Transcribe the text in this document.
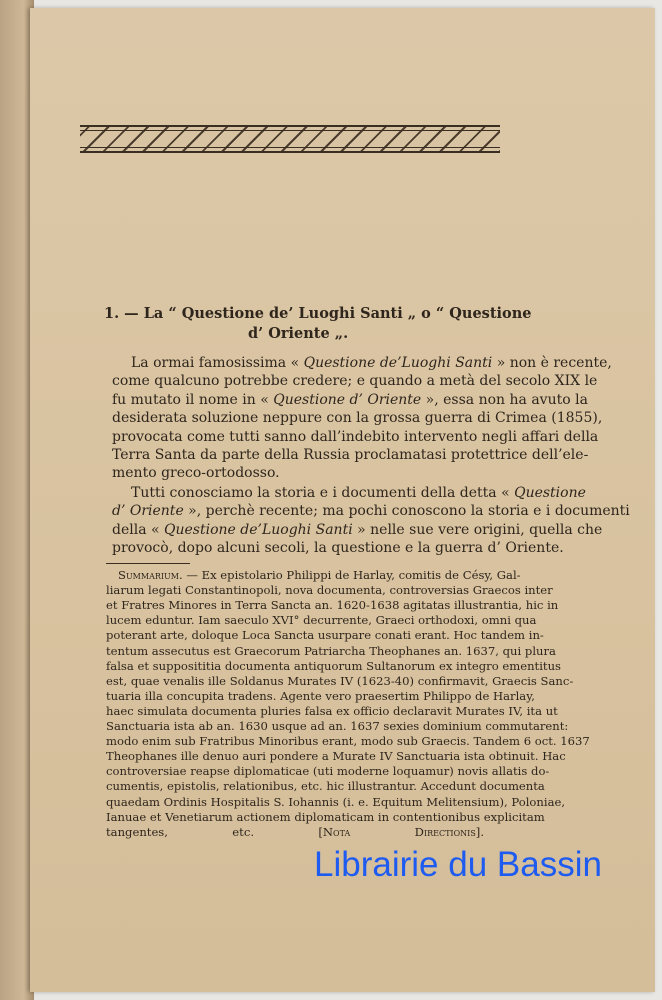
1. — La “ Questione de’ Luoghi Santi „ o “ Questione
d’ Oriente „.
La ormai famosissima « Questione de’Luoghi Santi » non è recente,
come qualcuno potrebbe credere; e quando a metà del secolo XIX le
fu mutato il nome in « Questione d’ Oriente », essa non ha avuto la
desiderata soluzione neppure con la grossa guerra di Crimea (1855),
provocata come tutti sanno dall’indebito intervento negli affari della
Terra Santa da parte della Russia proclamatasi protettrice dell’ele-
mento greco-ortodosso.
Tutti conosciamo la storia e i documenti della detta « Questione
d’ Oriente », perchè recente; ma pochi conoscono la storia e i documenti
della « Questione de’Luoghi Santi » nelle sue vere origini, quella che
provocò, dopo alcuni secoli, la questione e la guerra d’ Oriente.
Summarium. — Ex epistolario Philippi de Harlay, comitis de Césy, Gal-
liarum legati Constantinopoli, nova documenta, controversias Graecos inter
et Fratres Minores in Terra Sancta an. 1620-1638 agitatas illustrantia, hic in
lucem eduntur. Iam saeculo XVI° decurrente, Graeci orthodoxi, omni qua
poterant arte, doloque Loca Sancta usurpare conati erant. Hoc tandem in-
tentum assecutus est Graecorum Patriarcha Theophanes an. 1637, qui plura
falsa et supposititia documenta antiquorum Sultanorum ex integro ementitus
est, quae venalis ille Soldanus Murates IV (1623-40) confirmavit, Graecis Sanc-
tuaria illa concupita tradens. Agente vero praesertim Philippo de Harlay,
haec simulata documenta pluries falsa ex officio declaravit Murates IV, ita ut
Sanctuaria ista ab an. 1630 usque ad an. 1637 sexies dominium commutarent:
modo enim sub Fratribus Minoribus erant, modo sub Graecis. Tandem 6 oct. 1637
Theophanes ille denuo auri pondere a Murate IV Sanctuaria ista obtinuit. Hac
controversiae reapse diplomaticae (uti moderne loquamur) novis allatis do-
cumentis, epistolis, relationibus, etc. hic illustrantur. Accedunt documenta
quaedam Ordinis Hospitalis S. Iohannis (i. e. Equitum Melitensium), Poloniae,
Ianuae et Venetiarum actionem diplomaticam in contentionibus explicitam
tangentes, etc. [Nota Directionis].
Librairie du Bassin
